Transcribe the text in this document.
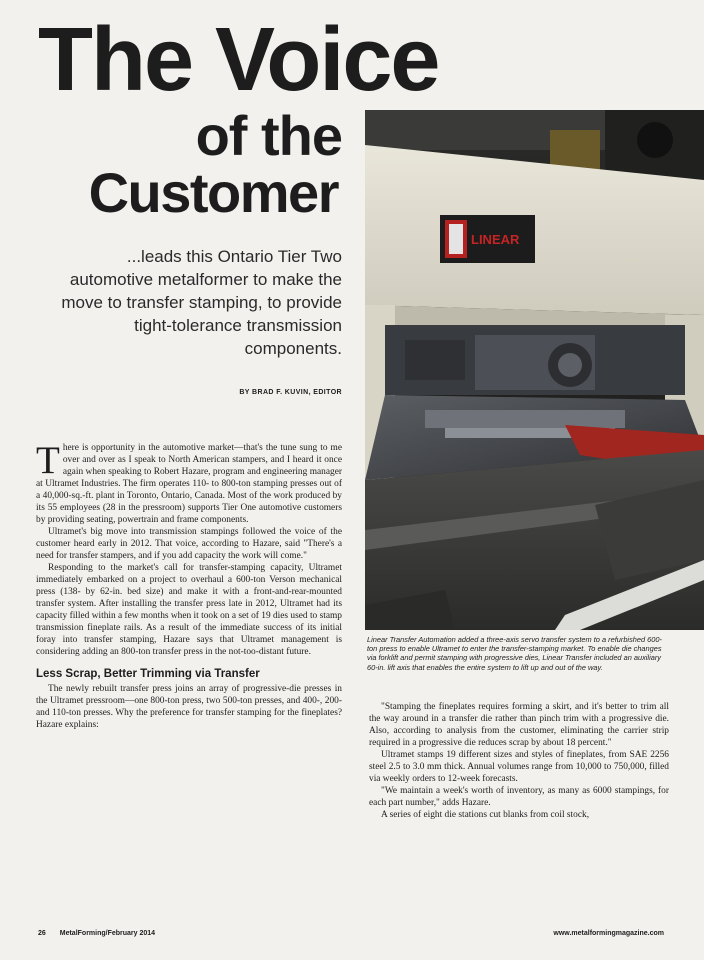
The Voice
of the
Customer
...leads this Ontario Tier Two automotive metalformer to make the move to transfer stamping, to provide tight-tolerance transmission components.
BY BRAD F. KUVIN, EDITOR
LINEAR
Linear Transfer Automation added a three-axis servo transfer system to a refurbished 600-ton press to enable Ultramet to enter the transfer-stamping market. To enable die changes via forklift and permit stamping with progressive dies, Linear Transfer included an auxiliary 60-in. lift axis that enables the entire system to lift up and out of the way.

There is opportunity in the automotive market—that's the tune sung to me over and over as I speak to North American stampers, and I heard it once again when speaking to Robert Hazare, program and engineering manager at Ultramet Industries. The firm operates 110- to 800-ton stamping presses out of a 40,000-sq.-ft. plant in Toronto, Ontario, Canada. Most of the work produced by its 55 employees (28 in the pressroom) supports Tier One automotive customers by providing seating, powertrain and frame components.

Ultramet's big move into transmission stampings followed the voice of the customer heard early in 2012. That voice, according to Hazare, said "There's a need for transfer stampers, and if you add capacity the work will come."

Responding to the market's call for transfer-stamping capacity, Ultramet immediately embarked on a project to overhaul a 600-ton Verson mechanical press (138- by 62-in. bed size) and make it with a front-and-rear-mounted transfer system. After installing the transfer press late in 2012, Ultramet had its capacity filled within a few months when it took on a set of 19 dies used to stamp transmission fineplate rails. As a result of the immediate success of its initial foray into transfer stamping, Hazare says that Ultramet management is considering adding an 800-ton transfer press in the not-too-distant future.

Less Scrap, Better Trimming via Transfer

The newly rebuilt transfer press joins an array of progressive-die presses in the Ultramet pressroom—one 800-ton press, two 500-ton presses, and 400-, 200- and 110-ton presses. Why the preference for transfer stamping for the fineplates? Hazare explains:

"Stamping the fineplates requires forming a skirt, and it's better to trim all the way around in a transfer die rather than pinch trim with a progressive die. Also, according to analysis from the customer, eliminating the carrier strip required in a progressive die reduces scrap by about 18 percent."

Ultramet stamps 19 different sizes and styles of fineplates, from SAE 2256 steel 2.5 to 3.0 mm thick. Annual volumes range from 10,000 to 750,000, filled via weekly orders to 12-week forecasts.

"We maintain a week's worth of inventory, as many as 6000 stampings, for each part number," adds Hazare.

A series of eight die stations cut blanks from coil stock,

26 MetalForming/February 2014	www.metalformingmagazine.com
